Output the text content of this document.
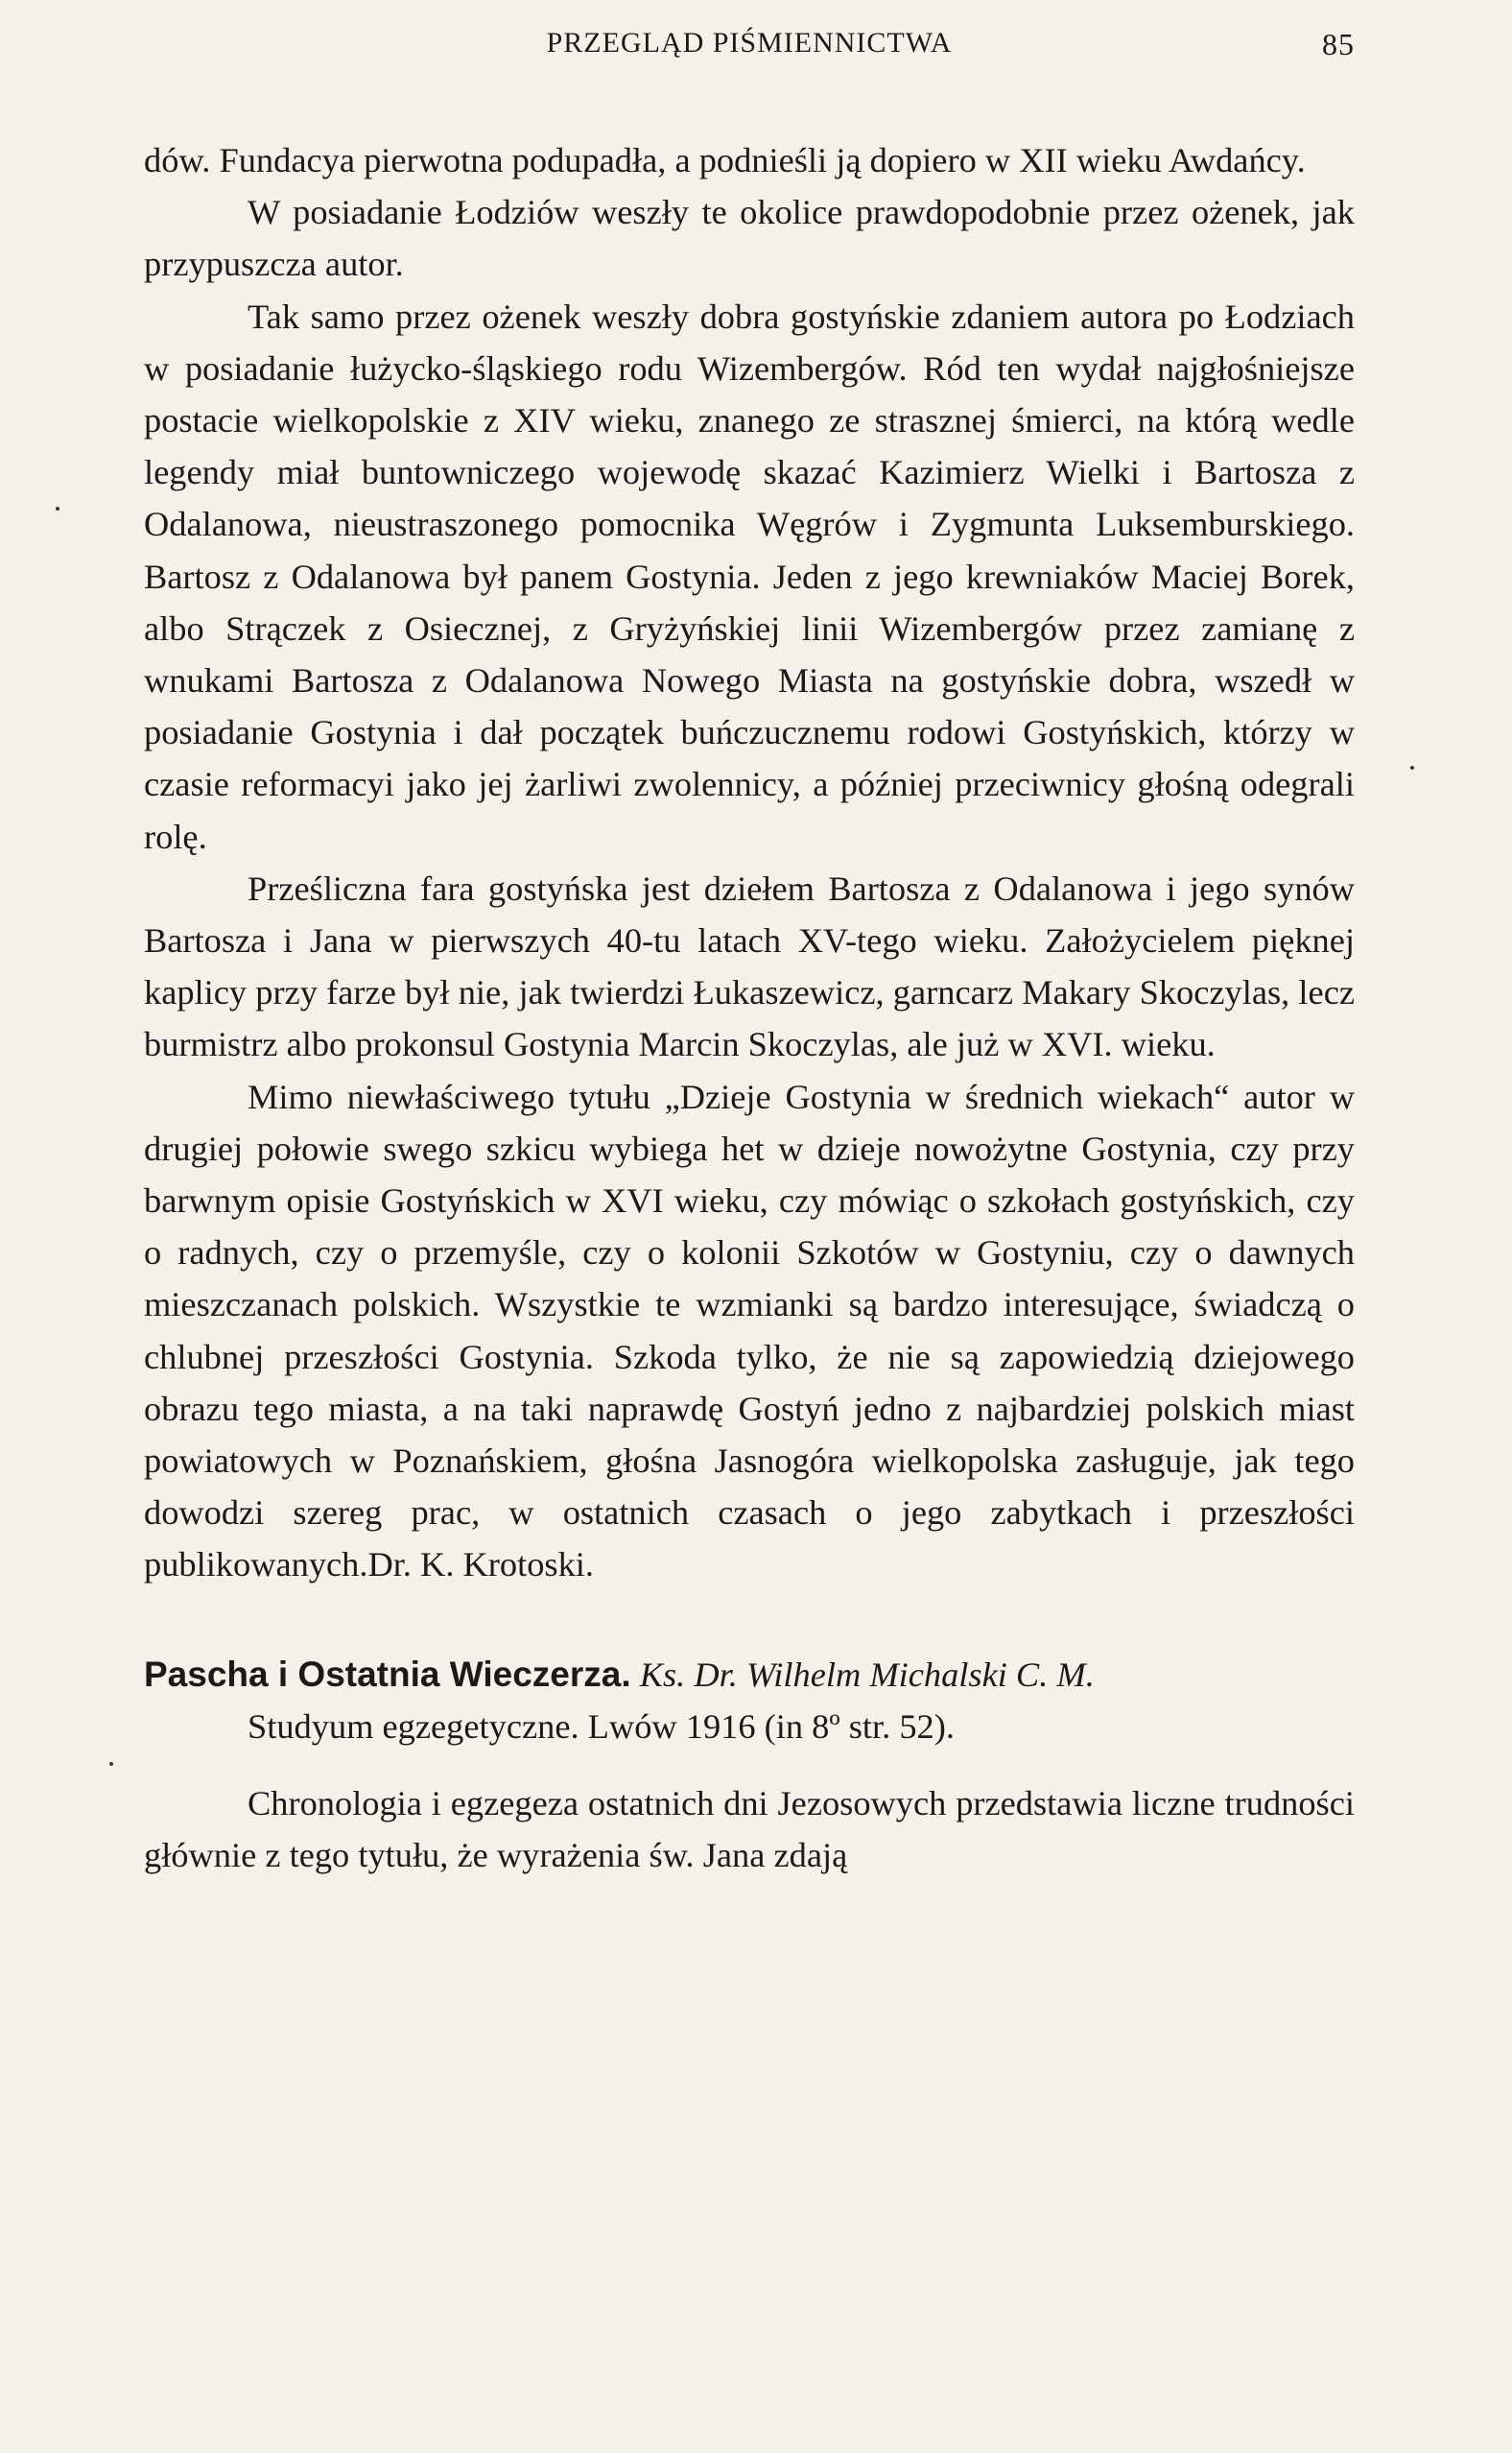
PRZEGLĄD PIŚMIENNICTWA	85

dów. Fundacya pierwotna podupadła, a podnieśli ją dopiero w XII wieku Awdańcy.

W posiadanie Łodziów weszły te okolice prawdopodobnie przez ożenek, jak przypuszcza autor.

Tak samo przez ożenek weszły dobra gostyńskie zdaniem autora po Łodziach w posiadanie łużycko-śląskiego rodu Wizembergów. Ród ten wydał najgłośniejsze postacie wielkopolskie z XIV wieku, znanego ze strasznej śmierci, na którą wedle legendy miał buntowniczego wojewodę skazać Kazimierz Wielki i Bartosza z Odalanowa, nieustraszonego pomocnika Węgrów i Zygmunta Luksemburskiego. Bartosz z Odalanowa był panem Gostynia. Jeden z jego krewniaków Maciej Borek, albo Strączek z Osiecznej, z Gryżyńskiej linii Wizembergów przez zamianę z wnukami Bartosza z Odalanowa Nowego Miasta na gostyńskie dobra, wszedł w posiadanie Gostynia i dał początek buńczucznemu rodowi Gostyńskich, którzy w czasie reformacyi jako jej żarliwi zwolennicy, a później przeciwnicy głośną odegrali rolę.

Prześliczna fara gostyńska jest dziełem Bartosza z Odalanowa i jego synów Bartosza i Jana w pierwszych 40-tu latach XV-tego wieku. Założycielem pięknej kaplicy przy farze był nie, jak twierdzi Łukaszewicz, garncarz Makary Skoczylas, lecz burmistrz albo prokonsul Gostynia Marcin Skoczylas, ale już w XVI. wieku.

Mimo niewłaściwego tytułu „Dzieje Gostynia w średnich wiekach“ autor w drugiej połowie swego szkicu wybiega het w dzieje nowożytne Gostynia, czy przy barwnym opisie Gostyńskich w XVI wieku, czy mówiąc o szkołach gostyńskich, czy o radnych, czy o przemyśle, czy o kolonii Szkotów w Gostyniu, czy o dawnych mieszczanach polskich. Wszystkie te wzmianki są bardzo interesujące, świadczą o chlubnej przeszłości Gostynia. Szkoda tylko, że nie są zapowiedzią dziejowego obrazu tego miasta, a na taki naprawdę Gostyń jedno z najbardziej polskich miast powiatowych w Poznańskiem, głośna Jasnogóra wielkopolska zasługuje, jak tego dowodzi szereg prac, w ostatnich czasach o jego zabytkach i przeszłości publikowanych.Dr. K. Krotoski.

Pascha i Ostatnia Wieczerza. Ks. Dr. Wilhelm Michalski C. M.
Studyum egzegetyczne. Lwów 1916 (in 8º str. 52).

Chronologia i egzegeza ostatnich dni Jezosowych przedstawia liczne trudności głównie z tego tytułu, że wyrażenia św. Jana zdają
